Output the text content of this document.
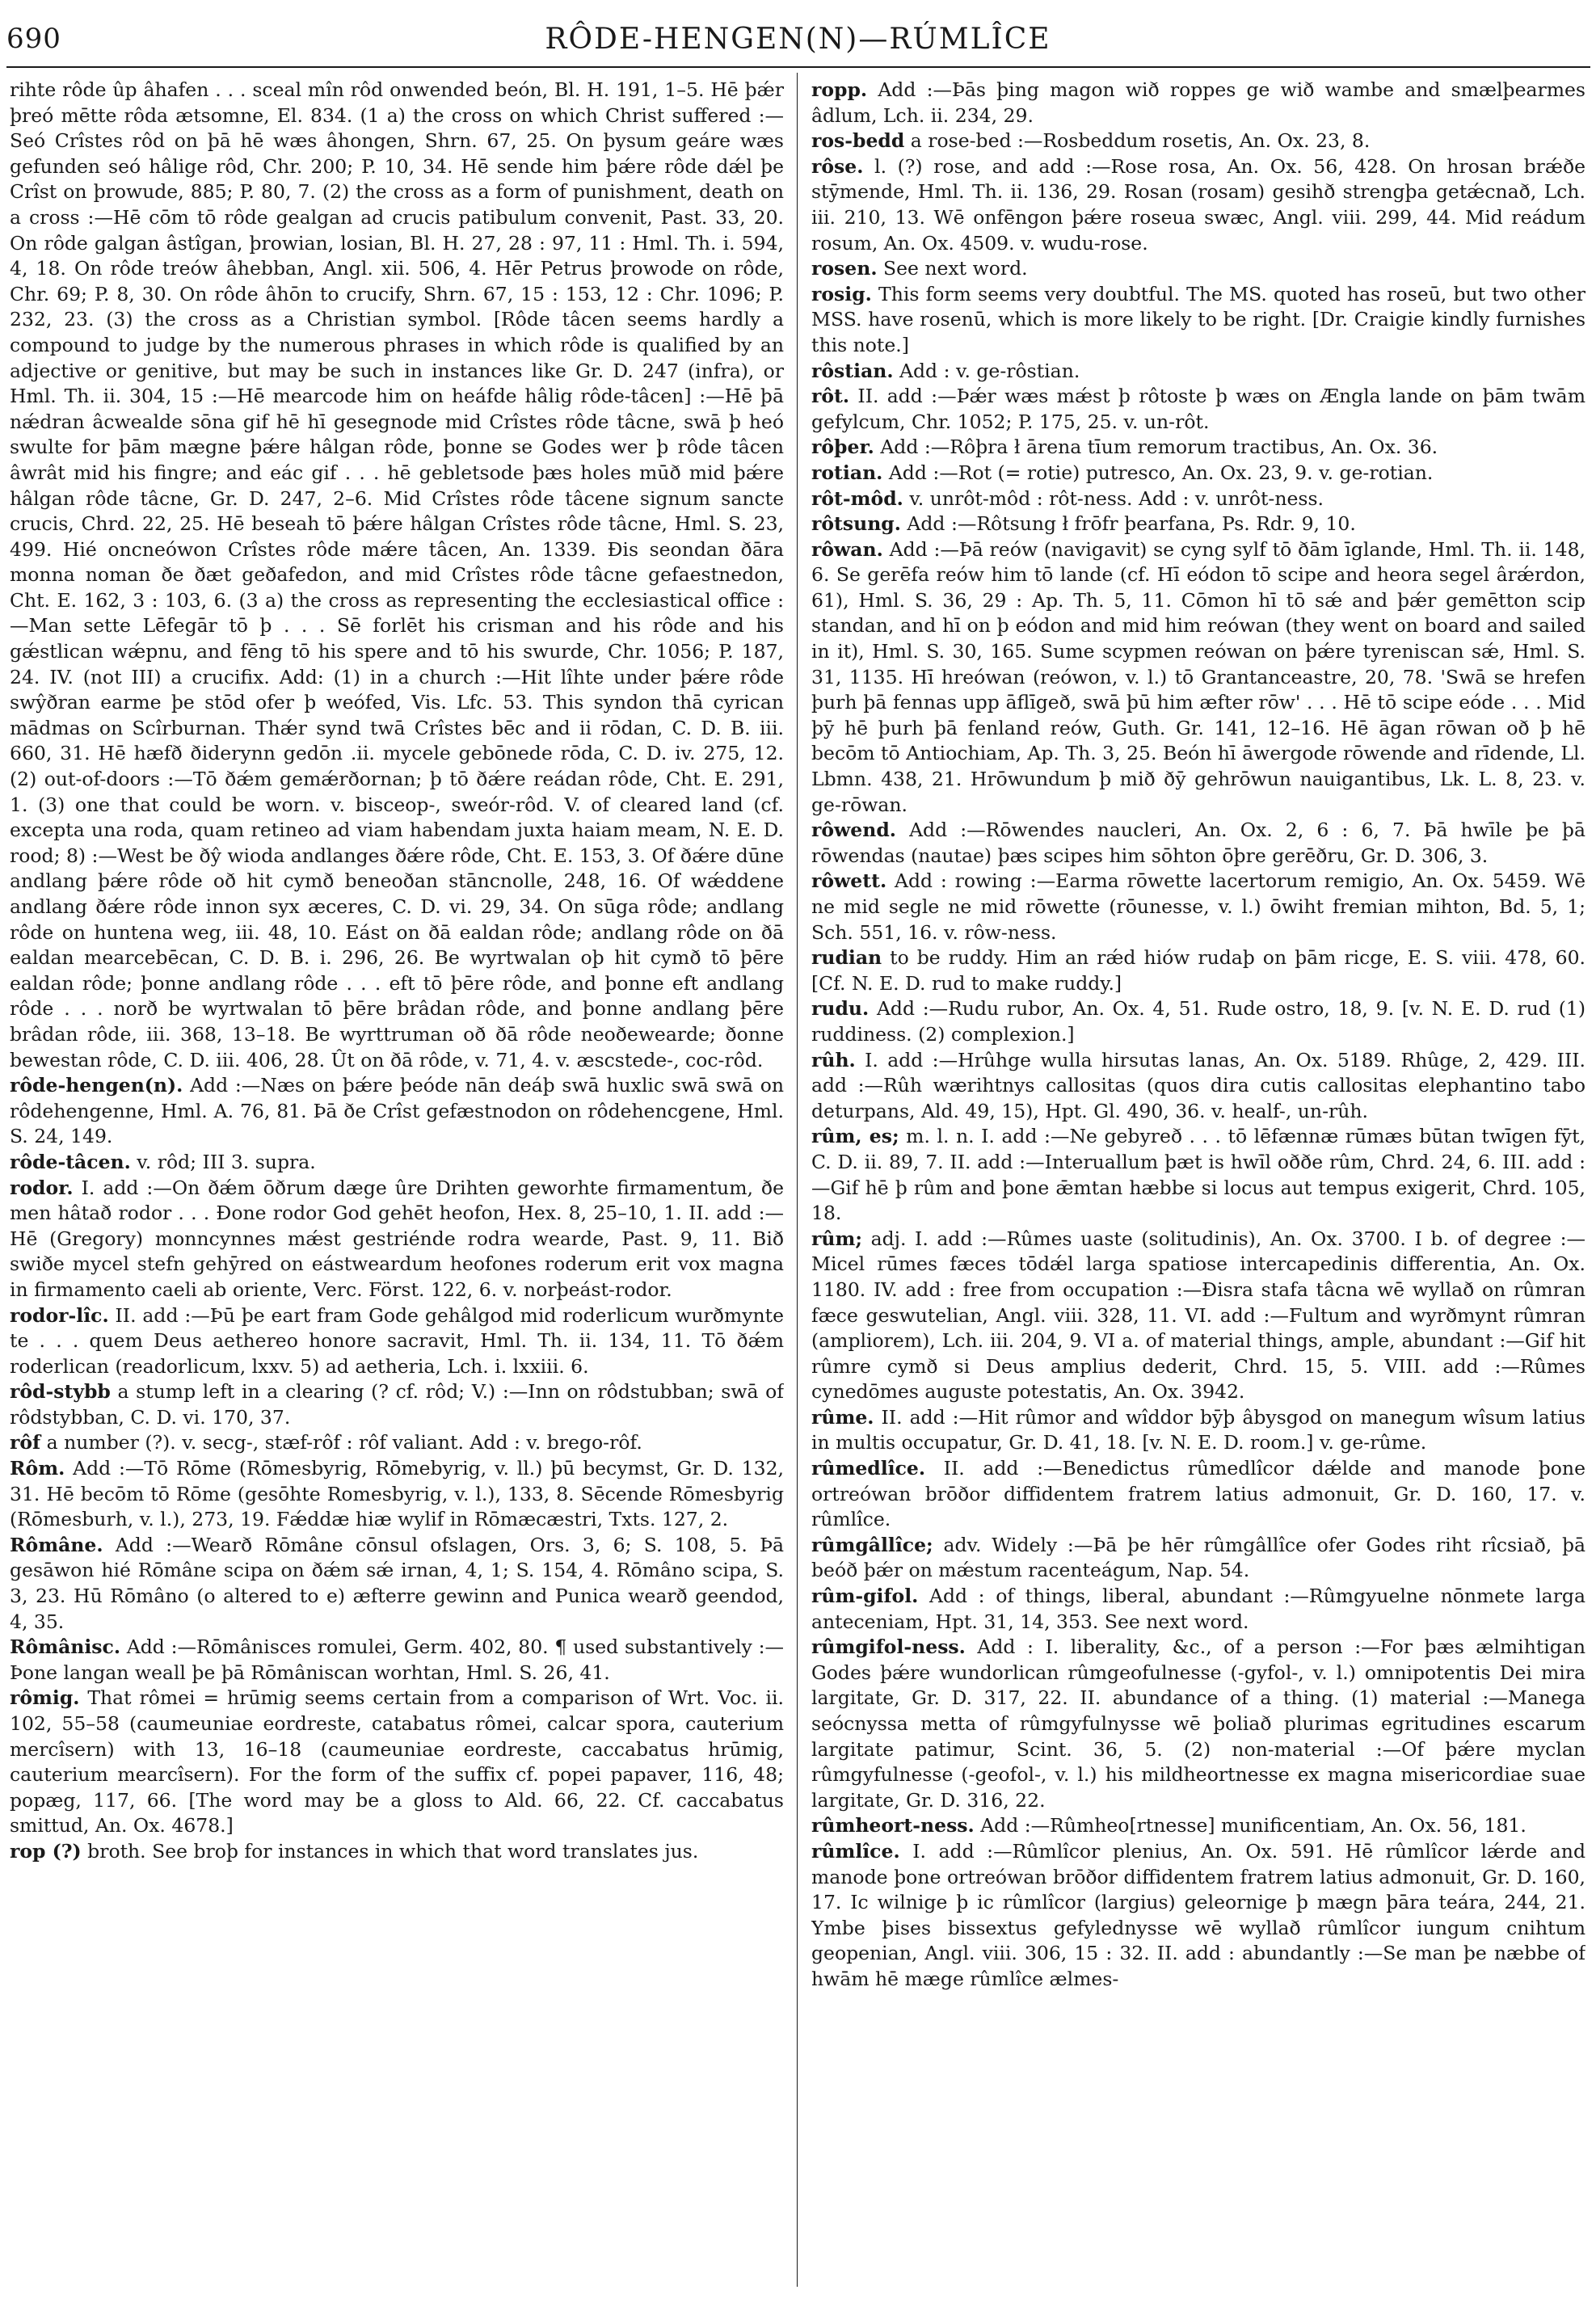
690	RÔDE-HENGEN(N)—RÚMLÎCE

rihte rôde ûp âhafen . . . sceal mîn rôd onwended beón, Bl. H. 191, 1–5. Hē þǽr þreó mētte rôda ætsomne, El. 834. (1 a) the cross on which Christ suffered :—Seó Crîstes rôd on þā hē wæs âhongen, Shrn. 67, 25. On þysum geáre wæs gefunden seó hâlige rôd, Chr. 200; P. 10, 34. Hē sende him þǽre rôde dǽl þe Crîst on þrowude, 885; P. 80, 7. (2) the cross as a form of punishment, death on a cross :—Hē cōm tō rôde gealgan ad crucis patibulum convenit, Past. 33, 20. On rôde galgan âstîgan, þrowian, losian, Bl. H. 27, 28 : 97, 11 : Hml. Th. i. 594, 4, 18. On rôde treów âhebban, Angl. xii. 506, 4. Hēr Petrus þrowode on rôde, Chr. 69; P. 8, 30. On rôde âhōn to crucify, Shrn. 67, 15 : 153, 12 : Chr. 1096; P. 232, 23. (3) the cross as a Christian symbol. [Rôde tâcen seems hardly a compound to judge by the numerous phrases in which rôde is qualified by an adjective or genitive, but may be such in instances like Gr. D. 247 (infra), or Hml. Th. ii. 304, 15 :—Hē mearcode him on heáfde hâlig rôde-tâcen] :—Hē þā nǽdran âcwealde sōna gif hē hī gesegnode mid Crîstes rôde tâcne, swā þ heó swulte for þām mægne þǽre hâlgan rôde, þonne se Godes wer þ rôde tâcen âwrât mid his fingre; and eác gif . . . hē gebletsode þæs holes mūð mid þǽre hâlgan rôde tâcne, Gr. D. 247, 2–6. Mid Crîstes rôde tâcene signum sancte crucis, Chrd. 22, 25. Hē beseah tō þǽre hâlgan Crîstes rôde tâcne, Hml. S. 23, 499. Hié oncneówon Crîstes rôde mǽre tâcen, An. 1339. Ðis seondan ðāra monna noman ðe ðæt geðafedon, and mid Crîstes rôde tâcne gefaestnedon, Cht. E. 162, 3 : 103, 6. (3 a) the cross as representing the ecclesiastical office :—Man sette Lēfegār tō þ . . . Sē forlēt his crisman and his rôde and his gǽstlican wǽpnu, and fēng tō his spere and tō his swurde, Chr. 1056; P. 187, 24. IV. (not III) a crucifix. Add: (1) in a church :—Hit lîhte under þǽre rôde swŷðran earme þe stōd ofer þ weófed, Vis. Lfc. 53. This syndon thā cyrican mādmas on Scîrburnan. Thǽr synd twā Crîstes bēc and ii rōdan, C. D. B. iii. 660, 31. Hē hæfð ðiderynn gedōn .ii. mycele gebōnede rōda, C. D. iv. 275, 12. (2) out-of-doors :—Tō ðǽm gemǽrðornan; þ tō ðǽre reádan rôde, Cht. E. 291, 1. (3) one that could be worn. v. bisceop-, sweór-rôd. V. of cleared land (cf. excepta una roda, quam retineo ad viam habendam juxta haiam meam, N. E. D. rood; 8) :—West be ðŷ wioda andlanges ðǽre rôde, Cht. E. 153, 3. Of ðǽre dūne andlang þǽre rôde oð hit cymð beneoðan stāncnolle, 248, 16. Of wǽddene andlang ðǽre rôde innon syx æceres, C. D. vi. 29, 34. On sūga rôde; andlang rôde on huntena weg, iii. 48, 10. Eást on ðā ealdan rôde; andlang rôde on ðā ealdan mearcebēcan, C. D. B. i. 296, 26. Be wyrtwalan oþ hit cymð tō þēre ealdan rôde; þonne andlang rôde . . . eft tō þēre rôde, and þonne eft andlang rôde . . . norð be wyrtwalan tō þēre brâdan rôde, and þonne andlang þēre brâdan rôde, iii. 368, 13–18. Be wyrttruman oð ðā rôde neoðewearde; ðonne bewestan rôde, C. D. iii. 406, 28. Ût on ðā rôde, v. 71, 4. v. æscstede-, coc-rôd.

rôde-hengen(n). Add :—Næs on þǽre þeóde nān deáþ swā huxlic swā swā on rôdehengenne, Hml. A. 76, 81. Þā ðe Crîst gefæstnodon on rôdehencgene, Hml. S. 24, 149.

rôde-tâcen. v. rôd; III 3. supra.

rodor. I. add :—On ðǽm ōðrum dæge ûre Drihten geworhte firmamentum, ðe men hâtað rodor . . . Ðone rodor God gehēt heofon, Hex. 8, 25–10, 1. II. add :—Hē (Gregory) monncynnes mǽst gestriénde rodra wearde, Past. 9, 11. Bið swiðe mycel stefn gehȳred on eástweardum heofones roderum erit vox magna in firmamento caeli ab oriente, Verc. Först. 122, 6. v. norþeást-rodor.

rodor-lîc. II. add :—Þū þe eart fram Gode gehâlgod mid roderlicum wurðmynte te . . . quem Deus aethereo honore sacravit, Hml. Th. ii. 134, 11. Tō ðǽm roderlican (readorlicum, lxxv. 5) ad aetheria, Lch. i. lxxiii. 6.

rôd-stybb a stump left in a clearing (? cf. rôd; V.) :—Inn on rôdstubban; swā of rôdstybban, C. D. vi. 170, 37.

rôf a number (?). v. secg-, stæf-rôf : rôf valiant. Add : v. brego-rôf.

Rôm. Add :—Tō Rōme (Rōmesbyrig, Rōmebyrig, v. ll.) þū becymst, Gr. D. 132, 31. Hē becōm tō Rōme (gesōhte Romesbyrig, v. l.), 133, 8. Sēcende Rōmesbyrig (Rōmesburh, v. l.), 273, 19. Fǽddæ hiæ wylif in Rōmæcæstri, Txts. 127, 2.

Rômâne. Add :—Wearð Rōmâne cōnsul ofslagen, Ors. 3, 6; S. 108, 5. Þā gesāwon hié Rōmâne scipa on ðǽm sǽ irnan, 4, 1; S. 154, 4. Rōmâno scipa, S. 3, 23. Hū Rōmâno (o altered to e) æfterre gewinn and Punica wearð geendod, 4, 35.

Rômânisc. Add :—Rōmânisces romulei, Germ. 402, 80. ¶ used substantively :—Þone langan weall þe þā Rōmâniscan worhtan, Hml. S. 26, 41.

rômig. That rômei = hrūmig seems certain from a comparison of Wrt. Voc. ii. 102, 55–58 (caumeuniae eordreste, catabatus rômei, calcar spora, cauterium mercîsern) with 13, 16–18 (caumeuniae eordreste, caccabatus hrūmig, cauterium mearcîsern). For the form of the suffix cf. popei papaver, 116, 48; popæg, 117, 66. [The word may be a gloss to Ald. 66, 22. Cf. caccabatus smittud, An. Ox. 4678.]

rop (?) broth. See broþ for instances in which that word translates jus.

ropp. Add :—Þās þing magon wið roppes ge wið wambe and smælþearmes âdlum, Lch. ii. 234, 29.

ros-bedd a rose-bed :—Rosbeddum rosetis, An. Ox. 23, 8.

rôse. l. (?) rose, and add :—Rose rosa, An. Ox. 56, 428. On hrosan brǽðe stȳmende, Hml. Th. ii. 136, 29. Rosan (rosam) gesihð strengþa getǽcnað, Lch. iii. 210, 13. Wē onfēngon þǽre roseua swæc, Angl. viii. 299, 44. Mid reádum rosum, An. Ox. 4509. v. wudu-rose.

rosen. See next word.

rosig. This form seems very doubtful. The MS. quoted has roseū, but two other MSS. have rosenū, which is more likely to be right. [Dr. Craigie kindly furnishes this note.]

rôstian. Add : v. ge-rôstian.

rôt. II. add :—Þǽr wæs mǽst þ rôtoste þ wæs on Ængla lande on þām twām gefylcum, Chr. 1052; P. 175, 25. v. un-rôt.

rôþer. Add :—Rôþra ł ārena tīum remorum tractibus, An. Ox. 36.

rotian. Add :—Rot (= rotie) putresco, An. Ox. 23, 9. v. ge-rotian.

rôt-môd. v. unrôt-môd : rôt-ness. Add : v. unrôt-ness.

rôtsung. Add :—Rôtsung ł frōfr þearfana, Ps. Rdr. 9, 10.

rôwan. Add :—Þā reów (navigavit) se cyng sylf tō ðām īglande, Hml. Th. ii. 148, 6. Se gerēfa reów him tō lande (cf. Hī eódon tō scipe and heora segel ârǽrdon, 61), Hml. S. 36, 29 : Ap. Th. 5, 11. Cōmon hī tō sǽ and þǽr gemētton scip standan, and hī on þ eódon and mid him reówan (they went on board and sailed in it), Hml. S. 30, 165. Sume scypmen reówan on þǽre tyreniscan sǽ, Hml. S. 31, 1135. Hī hreówan (reówon, v. l.) tō Grantanceastre, 20, 78. 'Swā se hrefen þurh þā fennas upp āflīgeð, swā þū him æfter rōw' . . . Hē tō scipe eóde . . . Mid þȳ hē þurh þā fenland reów, Guth. Gr. 141, 12–16. Hē āgan rōwan oð þ hē becōm tō Antiochiam, Ap. Th. 3, 25. Beón hī āwergode rōwende and rīdende, Ll. Lbmn. 438, 21. Hrōwundum þ mið ðȳ gehrōwun nauigantibus, Lk. L. 8, 23. v. ge-rōwan.

rôwend. Add :—Rōwendes naucleri, An. Ox. 2, 6 : 6, 7. Þā hwīle þe þā rōwendas (nautae) þæs scipes him sōhton ōþre gerēðru, Gr. D. 306, 3.

rôwett. Add : rowing :—Earma rōwette lacertorum remigio, An. Ox. 5459. Wē ne mid segle ne mid rōwette (rōunesse, v. l.) ōwiht fremian mihton, Bd. 5, 1; Sch. 551, 16. v. rôw-ness.

rudian to be ruddy. Him an rǽd hiów rudaþ on þām ricge, E. S. viii. 478, 60. [Cf. N. E. D. rud to make ruddy.]

rudu. Add :—Rudu rubor, An. Ox. 4, 51. Rude ostro, 18, 9. [v. N. E. D. rud (1) ruddiness. (2) complexion.]

rûh. I. add :—Hrûhge wulla hirsutas lanas, An. Ox. 5189. Rhûge, 2, 429. III. add :—Rûh wærihtnys callositas (quos dira cutis callositas elephantino tabo deturpans, Ald. 49, 15), Hpt. Gl. 490, 36. v. healf-, un-rûh.

rûm, es; m. l. n. I. add :—Ne gebyreð . . . tō lēfænnæ rūmæs būtan twīgen fȳt, C. D. ii. 89, 7. II. add :—Interuallum þæt is hwīl oððe rûm, Chrd. 24, 6. III. add :—Gif hē þ rûm and þone ǣmtan hæbbe si locus aut tempus exigerit, Chrd. 105, 18.

rûm; adj. I. add :—Rûmes uaste (solitudinis), An. Ox. 3700. I b. of degree :—Micel rūmes fæces tōdǽl larga spatiose intercapedinis differentia, An. Ox. 1180. IV. add : free from occupation :—Ðisra stafa tâcna wē wyllað on rûmran fæce geswutelian, Angl. viii. 328, 11. VI. add :—Fultum and wyrðmynt rûmran (ampliorem), Lch. iii. 204, 9. VI a. of material things, ample, abundant :—Gif hit rûmre cymð si Deus amplius dederit, Chrd. 15, 5. VIII. add :—Rûmes cynedōmes auguste potestatis, An. Ox. 3942.

rûme. II. add :—Hit rûmor and wîddor bȳþ âbysgod on manegum wîsum latius in multis occupatur, Gr. D. 41, 18. [v. N. E. D. room.] v. ge-rûme.

rûmedlîce. II. add :—Benedictus rûmedlîcor dǽlde and manode þone ortreówan brōðor diffidentem fratrem latius admonuit, Gr. D. 160, 17. v. rûmlîce.

rûmgâllîce; adv. Widely :—Þā þe hēr rûmgâllîce ofer Godes riht rîcsiað, þā beóð þǽr on mǽstum racenteágum, Nap. 54.

rûm-gifol. Add : of things, liberal, abundant :—Rûmgyuelne nōnmete larga anteceniam, Hpt. 31, 14, 353. See next word.

rûmgifol-ness. Add : I. liberality, &c., of a person :—For þæs ælmihtigan Godes þǽre wundorlican rûmgeofulnesse (-gyfol-, v. l.) omnipotentis Dei mira largitate, Gr. D. 317, 22. II. abundance of a thing. (1) material :—Manega seócnyssa metta of rûmgyfulnysse wē þoliað plurimas egritudines escarum largitate patimur, Scint. 36, 5. (2) non-material :—Of þǽre myclan rûmgyfulnesse (-geofol-, v. l.) his mildheortnesse ex magna misericordiae suae largitate, Gr. D. 316, 22.

rûmheort-ness. Add :—Rûmheo[rtnesse] munificentiam, An. Ox. 56, 181.

rûmlîce. I. add :—Rûmlîcor plenius, An. Ox. 591. Hē rûmlîcor lǽrde and manode þone ortreówan brōðor diffidentem fratrem latius admonuit, Gr. D. 160, 17. Ic wilnige þ ic rûmlîcor (largius) geleornige þ mægn þāra teára, 244, 21. Ymbe þises bissextus gefylednysse wē wyllað rûmlîcor iungum cnihtum geopenian, Angl. viii. 306, 15 : 32. II. add : abundantly :—Se man þe næbbe of hwām hē mæge rûmlîce ælmes-
